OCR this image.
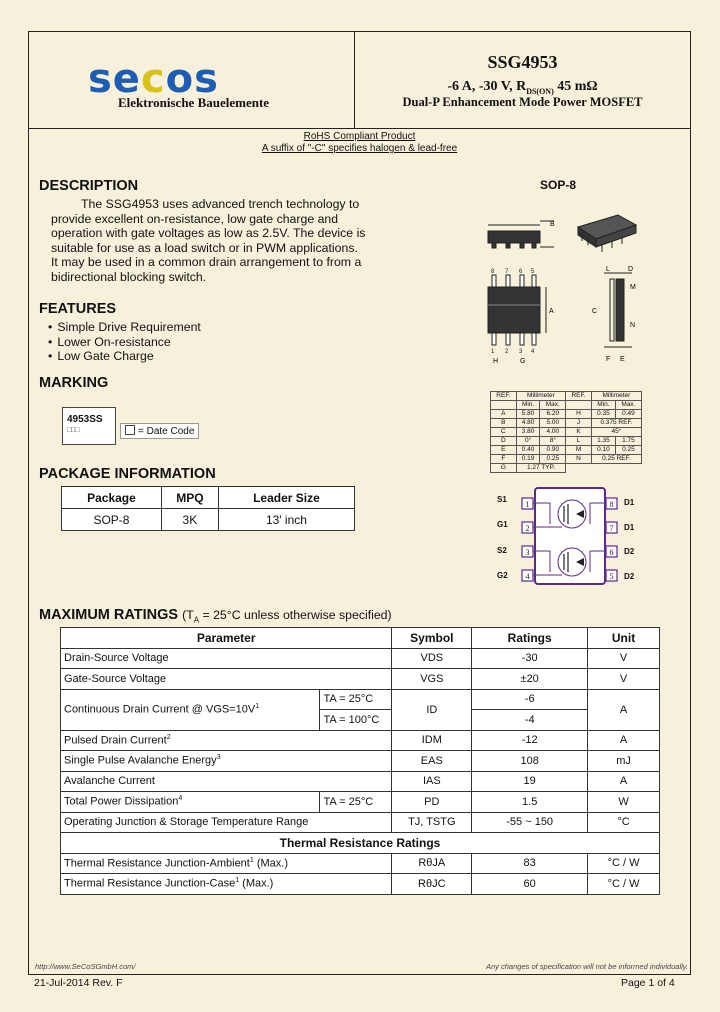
secos
Elektronische Bauelemente
SSG4953
-6 A, -30 V, $R_{DS(ON)}$ 45 mΩ
Dual-P Enhancement Mode Power MOSFET
RoHS Compliant Product
A suffix of "-C" specifies halogen & lead-free
DESCRIPTION
The SSG4953 uses advanced trench technology to
provide excellent on-resistance, low gate charge and
operation with gate voltages as low as 2.5V. The device is
suitable for use as a load switch or in PWM applications.
It may be used in a common drain arrangement to from a
bidirectional blocking switch.
FEATURES
• Simple Drive Requirement
• Lower On-resistance
• Low Gate Charge
MARKING
4953SS
□□□	= Date Code
PACKAGE INFORMATION
Package	MPQ	Leader Size
SOP-8	3K	13' inch
SOP-8
B
8 7 6 5
1 2 3 4
A
H	G
L	D
M
N
C
F E
REF.	Millimeter		REF.	Millimeter	
	Min.	Max.		Min.	Max.
A	5.80	6.20	H	0.35	0.49
B	4.80	5.00	J	0.375 REF.	
C	3.80	4.00	K	45°	
D	0°	8°	L	1.35	1.75
E	0.40	0.90	M	0.10	0.25
F	0.19	0.25	N	0.25 REF.	
G	1.27 TYP.				
1
2
3
4
8
7
6
5
S1
G1
S2
G2
D1
D1
D2
D2
MAXIMUM RATINGS ($T_A = 25^\circ C$ unless otherwise specified)
Parameter		Symbol	Ratings	Unit
Drain-Source Voltage		VDS	-30	V
Gate-Source Voltage		VGS	±20	V
Continuous Drain Current @ $VGS=10V^1$	TA = 25°C	ID	-6	A
	TA = 100°C		-4	
Pulsed Drain Current$^2$		IDM	-12	A
Single Pulse Avalanche Energy$^3$		EAS	108	mJ
Avalanche Current		IAS	19	A
Total Power Dissipation$^4$	TA = 25°C	PD	1.5	W
Operating Junction & Storage Temperature Range		TJ, TSTG	-55 ~ 150	°C
Thermal Resistance Ratings				
Thermal Resistance Junction-Ambient$^1$ (Max.)		RθJA	83	°C / W
Thermal Resistance Junction-Case$^1$ (Max.)		RθJC	60	°C / W
http://www.SeCoSGmbH.com/	Any changes of specification will not be informed individually.
21-Jul-2014 Rev. F	Page 1 of 4
